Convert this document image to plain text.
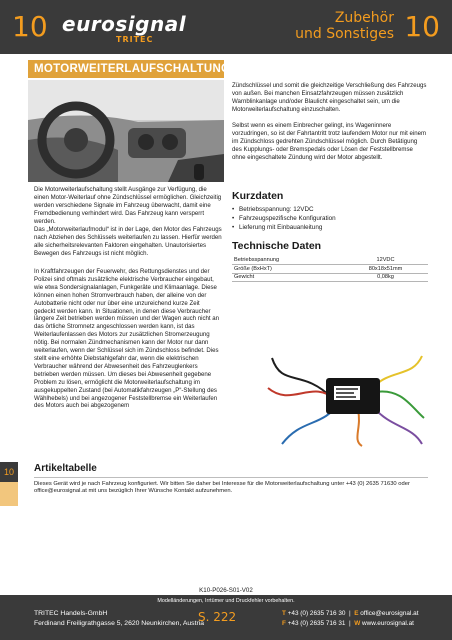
10 eurosignal
TRITEC
Zubehör
und Sonstiges 10
MOTORWEITERLAUFSCHALTUNG
Die Motorweiterlaufschaltung stellt Ausgänge zur Verfügung, die einen Motor-Weiterlauf ohne Zündschlüssel ermöglichen. Gleichzeitig werden verschiedene Signale im Fahrzeug überwacht, damit eine Fremdbedienung verhindert wird. Das Fahrzeug kann versperrt werden.
Das „Motorweiterlaufmodul“ ist in der Lage, den Motor des Fahrzeugs nach Abziehen des Schlüssels weiterlaufen zu lassen. Hierfür werden alle sicherheitsrelevanten Faktoren eingehalten. Unautorisiertes Bewegen des Fahrzeugs ist nicht möglich.
In Kraftfahrzeugen der Feuerwehr, des Rettungsdienstes und der Polizei sind oftmals zusätzliche elektrische Verbraucher eingebaut, wie etwa Sondersignalanlagen, Funkgeräte und Klimaanlage. Diese können einen hohen Stromverbrauch haben, der alleine von der Autobatterie nicht oder nur über eine unzureichend kurze Zeit gedeckt werden kann. In Situationen, in denen diese Verbraucher längere Zeit betrieben werden müssen und der Wagen auch nicht an das örtliche Stromnetz angeschlossen werden kann, ist das Weiterlaufenlassen des Motors zur zusätzlichen Stromerzeugung nötig. Bei normalen Zündmechanismen kann der Motor nur dann weiterlaufen, wenn der Schlüssel sich im Zündschloss befindet. Dies stellt eine erhöhte Diebstahlgefahr dar, wenn die elektrischen Verbraucher während der Abwesenheit des Fahrzeuglenkers betrieben werden müssen. Um dieses bei Abwesenheit gegebene Problem zu lösen, ermöglicht die Motorweiterlaufschaltung im ausgekuppelten Zustand (bei Automatikfahrzeugen „P“-Stellung des Wählhebels) und bei angezogener Feststellbremse ein Weiterlaufen des Motors auch bei abgezogenem
Zündschlüssel und somit die gleichzeitige Verschließung des Fahrzeugs von außen. Bei manchen Einsatzfahrzeugen müssen zusätzlich Warnblinkanlage und/oder Blaulicht eingeschaltet sein, um die Motorweiterlaufschaltung einzuschalten.
Selbst wenn es einem Einbrecher gelingt, ins Wageninnere vorzudringen, so ist der Fahrtantritt trotz laufendem Motor nur mit einem im Zündschloss gedrehten Zündschlüssel möglich. Durch Betätigung des Kupplungs- oder Bremspedals oder Lösen der Feststellbremse ohne eingeschaltete Zündung wird der Motor abgestellt.
Kurzdaten
• Betriebsspannung: 12VDC
• Fahrzeugspezifische Konfiguration
• Lieferung mit Einbauanleitung
Technische Daten
Betriebsspannung	12VDC
Größe (BxHxT)	80x18x51mm
Gewicht	0,08kg
10	Artikeltabelle
Dieses Gerät wird je nach Fahrzeug konfiguriert. Wir bitten Sie daher bei Interesse für die Motorweiterlaufschaltung unter +43 (0) 2635 71630 oder office@eurosignal.at mit uns bezüglich Ihrer Wünsche Kontakt aufzunehmen.
K10-P026-S01-V02
Modelländerungen, Irrtümer und Druckfehler vorbehalten.
TRITEC Handels-GmbH
Ferdinand Freiligrathgasse 5, 2620 Neunkirchen, Austria
S. 222	T +43 (0) 2635 716 30  |  E office@eurosignal.at
F +43 (0) 2635 716 31  |  W www.eurosignal.at
